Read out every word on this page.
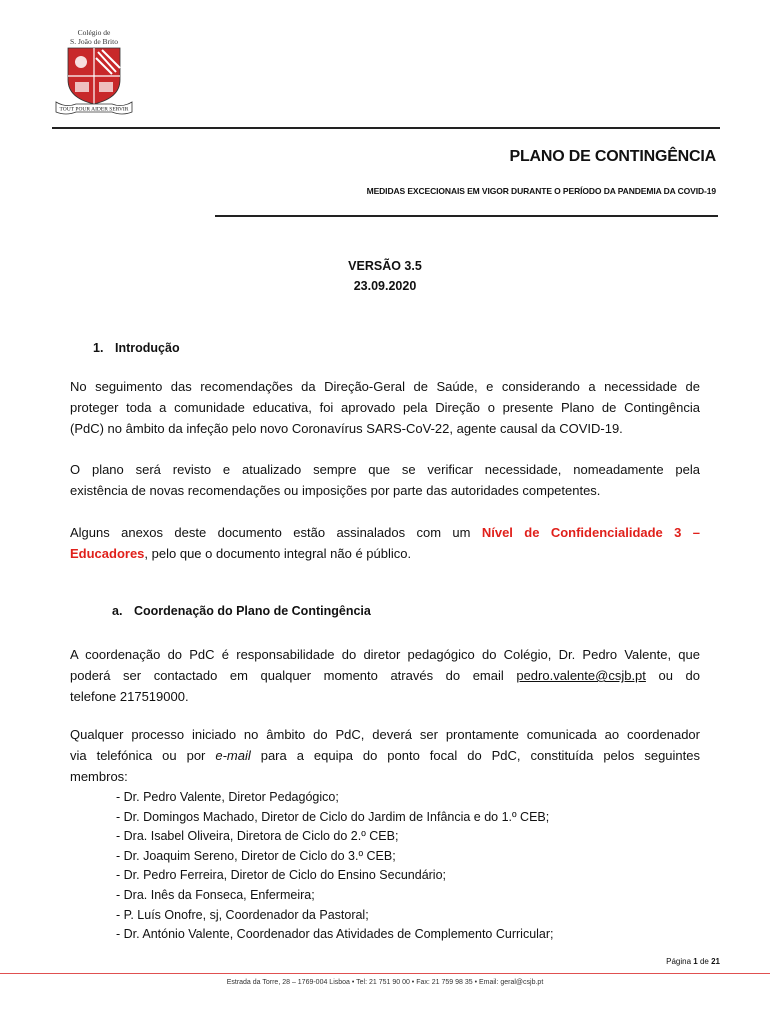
Colégio de
S. João de Brito
TOUT POUR AIDER SERVIR
PLANO DE CONTINGÊNCIA
MEDIDAS EXCECIONAIS EM VIGOR DURANTE O PERÍODO DA PANDEMIA DA COVID-19
VERSÃO 3.5
23.09.2020
1. Introdução
No seguimento das recomendações da Direção-Geral de Saúde, e considerando a necessidade de
proteger toda a comunidade educativa, foi aprovado pela Direção o presente Plano de Contingência
(PdC) no âmbito da infeção pelo novo Coronavírus SARS-CoV-22, agente causal da COVID-19.
O plano será revisto e atualizado sempre que se verificar necessidade, nomeadamente pela
existência de novas recomendações ou imposições por parte das autoridades competentes.
Alguns anexos deste documento estão assinalados com um Nível de Confidencialidade 3 –
Educadores, pelo que o documento integral não é público.
a. Coordenação do Plano de Contingência
A coordenação do PdC é responsabilidade do diretor pedagógico do Colégio, Dr. Pedro Valente, que
poderá ser contactado em qualquer momento através do email pedro.valente@csjb.pt ou do
telefone 217519000.
Qualquer processo iniciado no âmbito do PdC, deverá ser prontamente comunicada ao coordenador
via telefónica ou por e-mail para a equipa do ponto focal do PdC, constituída pelos seguintes
membros:
- Dr. Pedro Valente, Diretor Pedagógico;
- Dr. Domingos Machado, Diretor de Ciclo do Jardim de Infância e do 1.º CEB;
- Dra. Isabel Oliveira, Diretora de Ciclo do 2.º CEB;
- Dr. Joaquim Sereno, Diretor de Ciclo do 3.º CEB;
- Dr. Pedro Ferreira, Diretor de Ciclo do Ensino Secundário;
- Dra. Inês da Fonseca, Enfermeira;
- P. Luís Onofre, sj, Coordenador da Pastoral;
- Dr. António Valente, Coordenador das Atividades de Complemento Curricular;
Página 1 de 21
Estrada da Torre, 28 – 1769-004 Lisboa • Tel: 21 751 90 00 • Fax: 21 759 98 35 • Email: geral@csjb.pt
